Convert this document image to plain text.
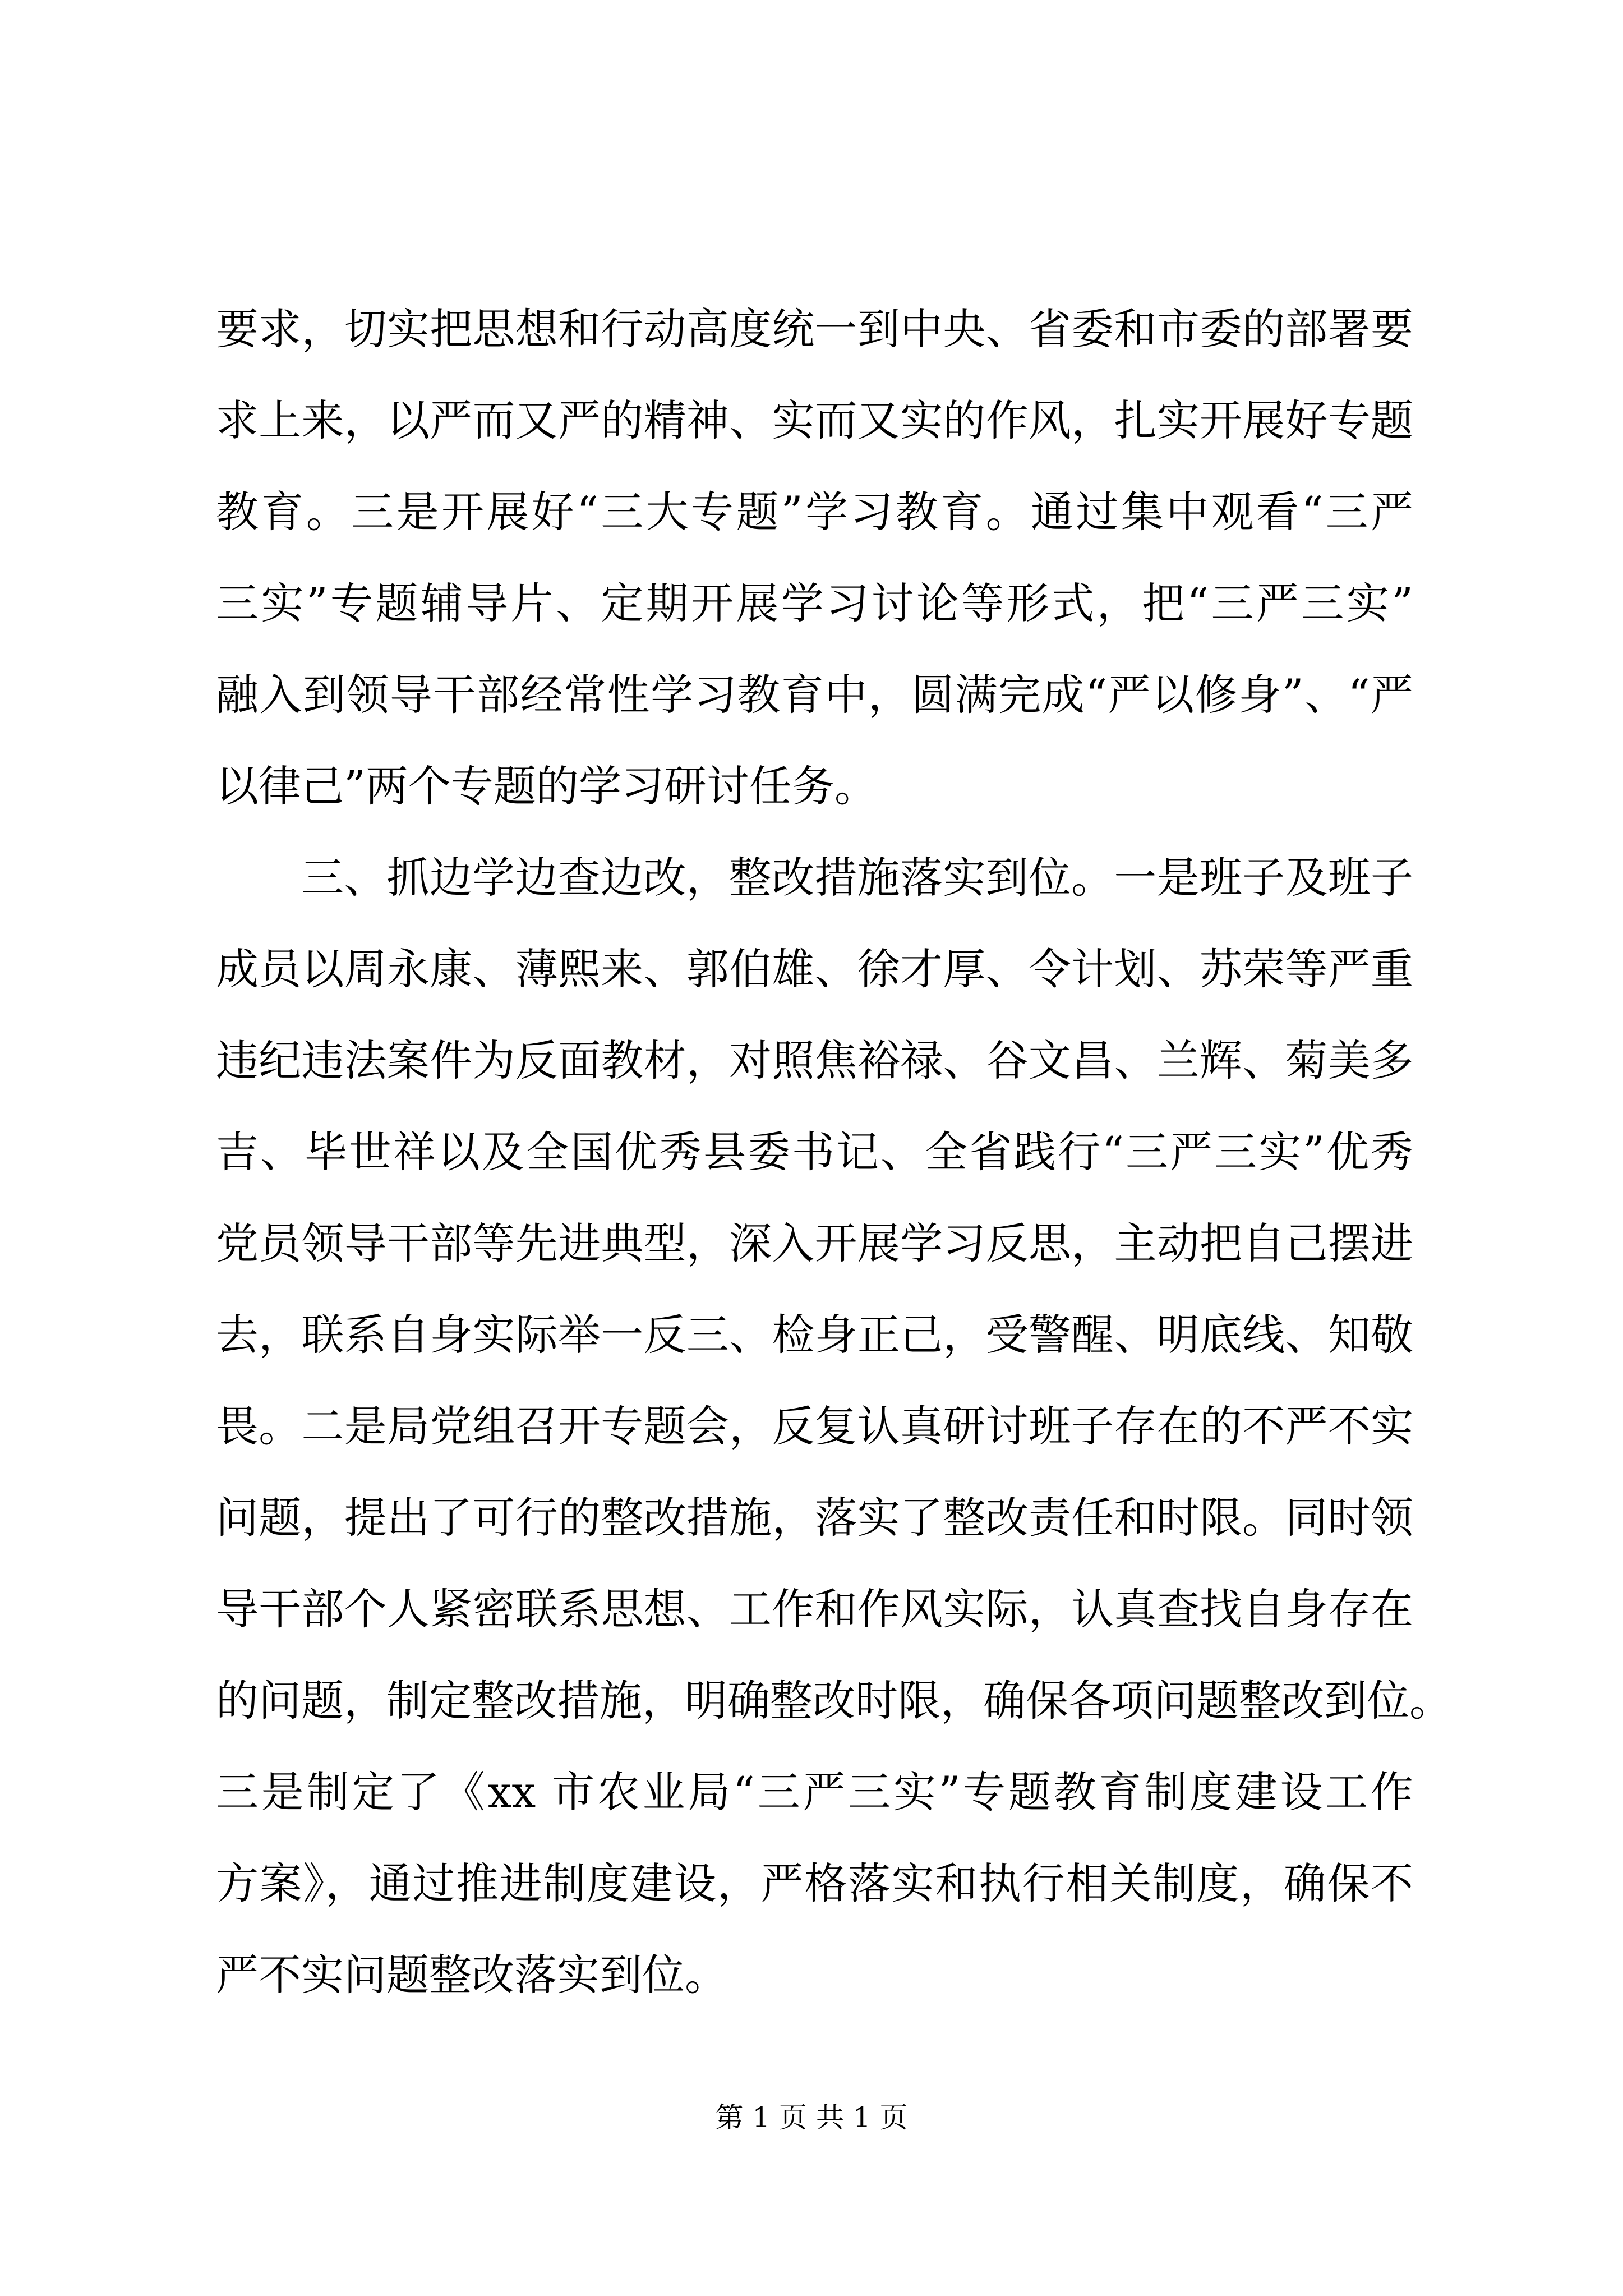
要求，切实把思想和行动高度统一到中央、省委和市委的部署要
求上来，以严而又严的精神、实而又实的作风，扎实开展好专题
教育。三是开展好“三大专题”学习教育。通过集中观看“三严
三实”专题辅导片、定期开展学习讨论等形式，把“三严三实”
融入到领导干部经常性学习教育中，圆满完成“严以修身”、“严
以律己”两个专题的学习研讨任务。
三、抓边学边查边改，整改措施落实到位。一是班子及班子
成员以周永康、薄熙来、郭伯雄、徐才厚、令计划、苏荣等严重
违纪违法案件为反面教材，对照焦裕禄、谷文昌、兰辉、菊美多
吉、毕世祥以及全国优秀县委书记、全省践行“三严三实”优秀
党员领导干部等先进典型，深入开展学习反思，主动把自己摆进
去，联系自身实际举一反三、检身正己，受警醒、明底线、知敬
畏。二是局党组召开专题会，反复认真研讨班子存在的不严不实
问题，提出了可行的整改措施，落实了整改责任和时限。同时领
导干部个人紧密联系思想、工作和作风实际，认真查找自身存在
的问题，制定整改措施，明确整改时限，确保各项问题整改到位。
三是制定了《xx 市农业局“三严三实”专题教育制度建设工作
方案》，通过推进制度建设，严格落实和执行相关制度，确保不
严不实问题整改落实到位。
第 1 页 共 1 页
